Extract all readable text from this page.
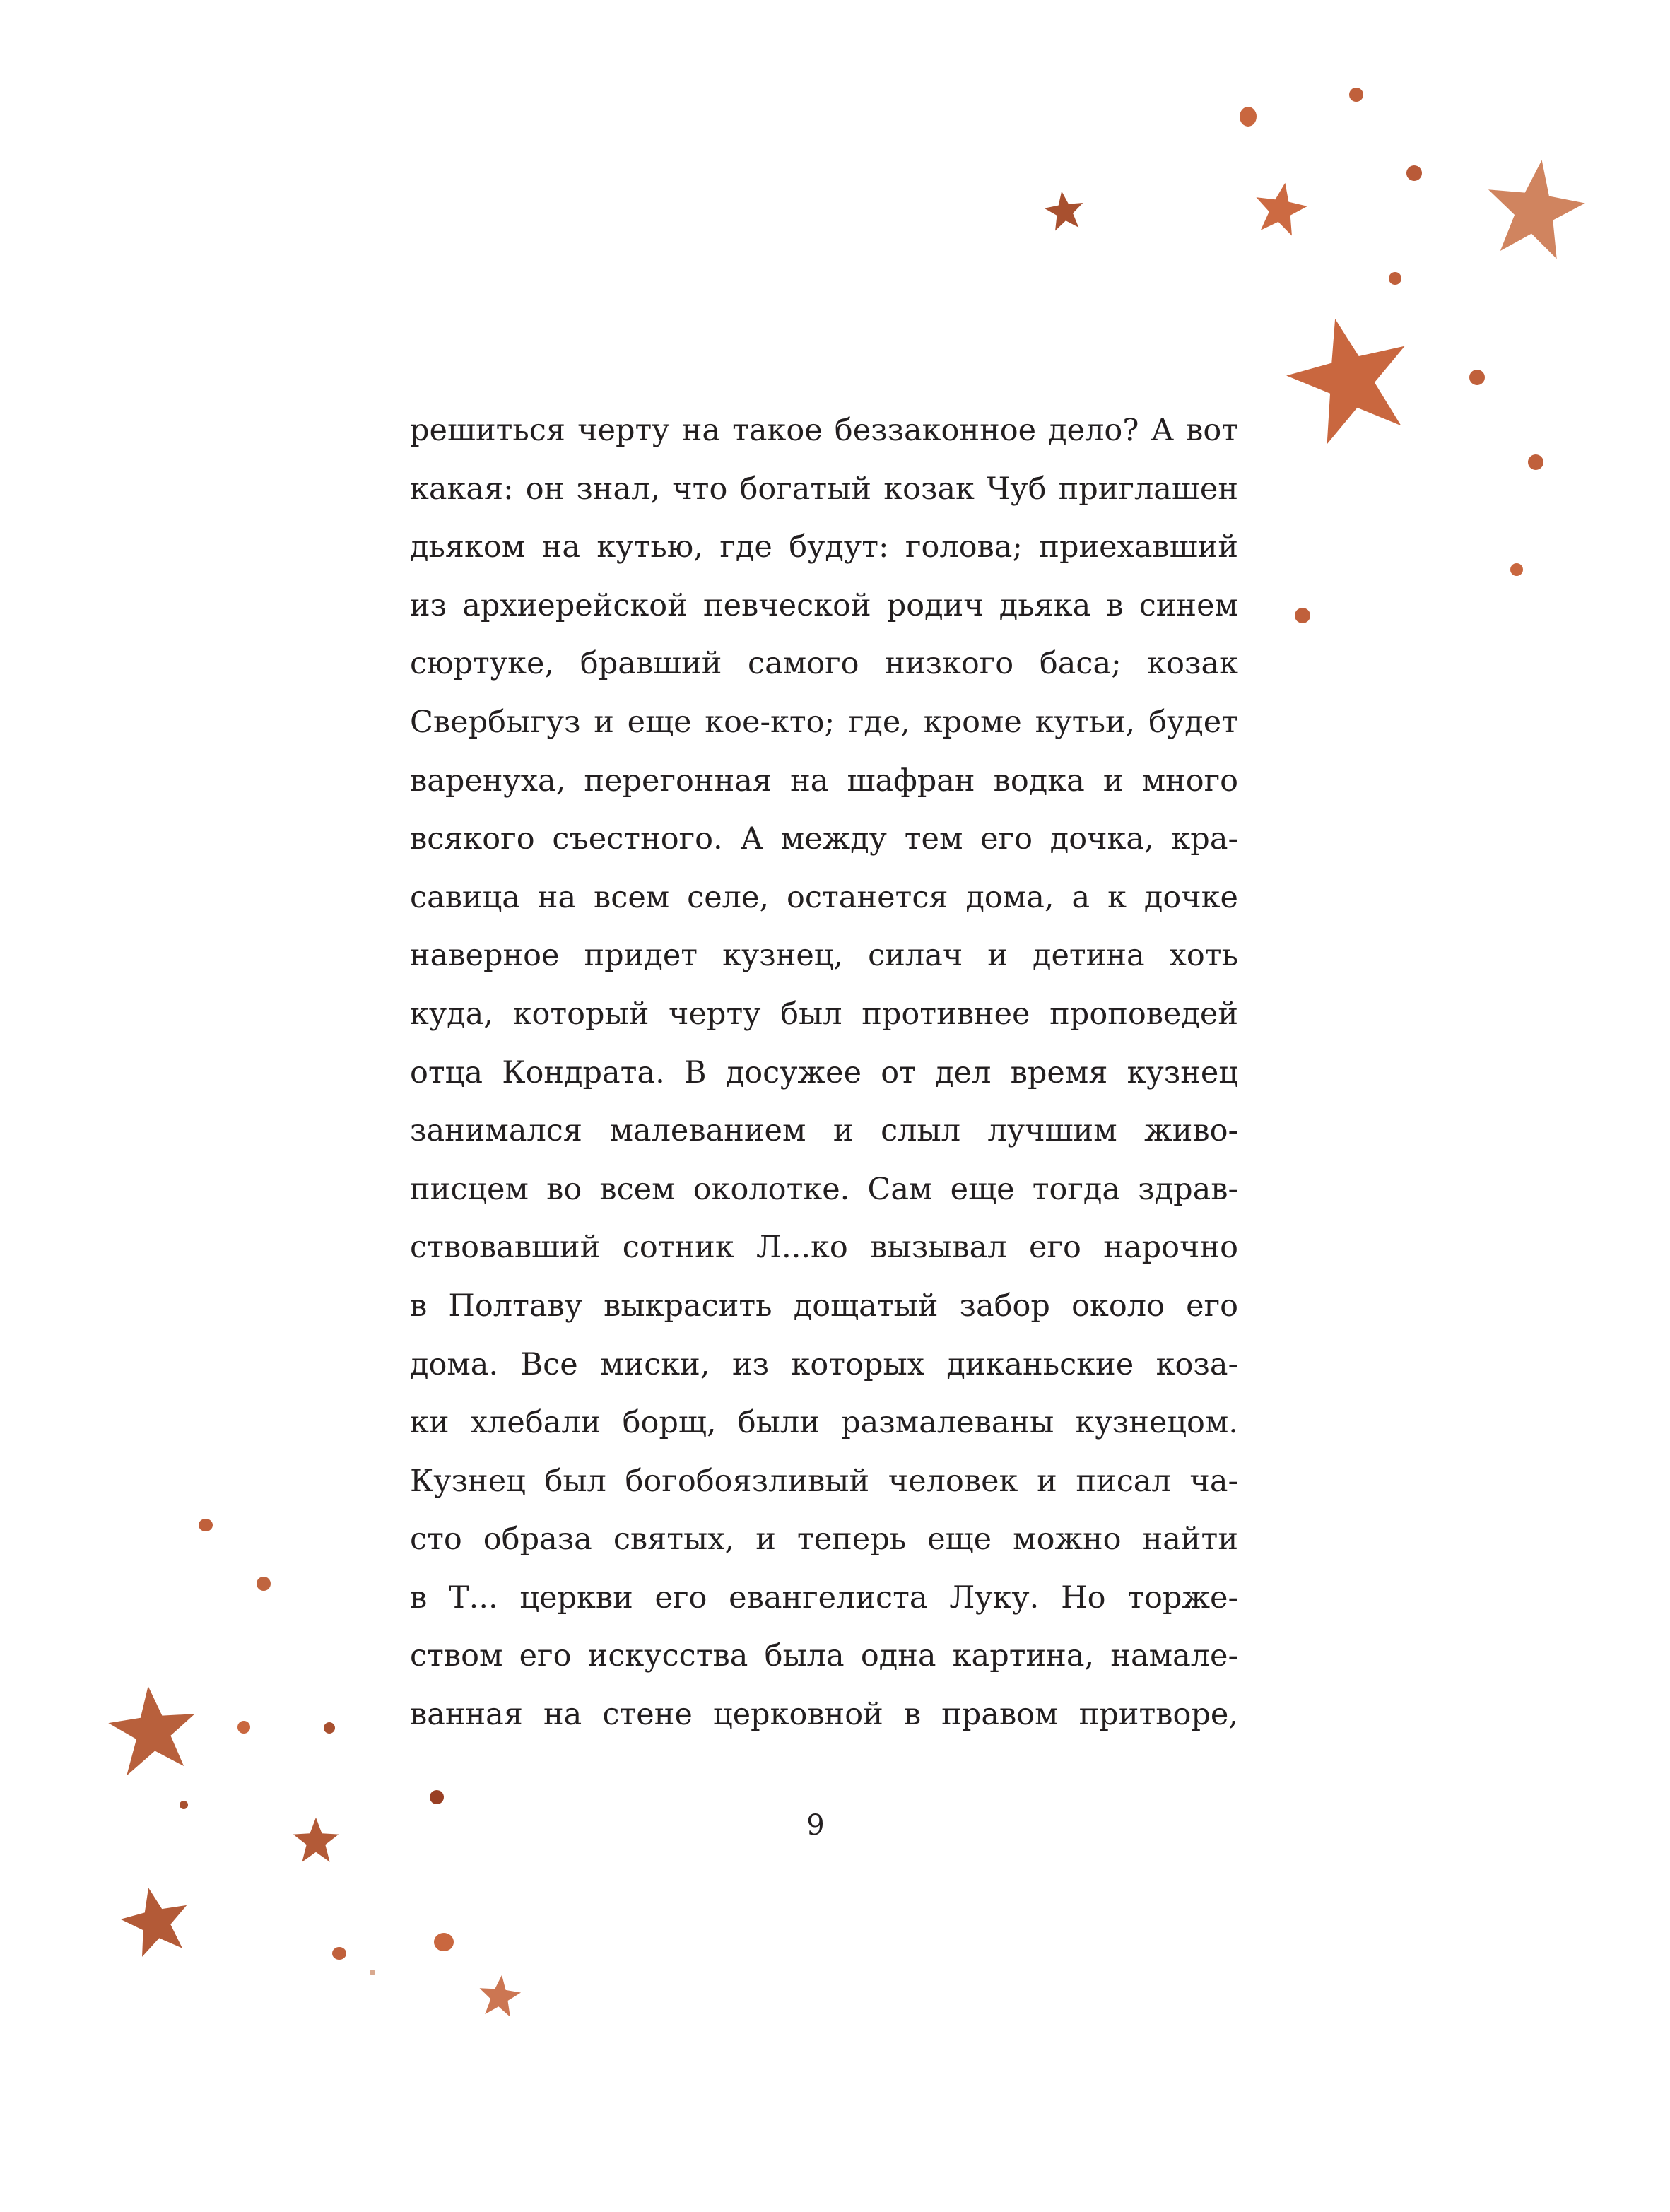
решиться черту на такое беззаконное дело? А вот
какая: он знал, что богатый козак Чуб приглашен
дьяком на кутью, где будут: голова; приехавший
из архиерейской певческой родич дьяка в синем
сюртуке, бравший самого низкого баса; козак
Свербыгуз и еще кое-кто; где, кроме кутьи, будет
варенуха, перегонная на шафран водка и много
всякого съестного. А между тем его дочка, кра-
савица на всем селе, останется дома, а к дочке
наверное придет кузнец, силач и детина хоть
куда, который черту был противнее проповедей
отца Кондрата. В досужее от дел время кузнец
занимался малеванием и слыл лучшим живо-
писцем во всем околотке. Сам еще тогда здрав-
ствовавший сотник Л...ко вызывал его нарочно
в Полтаву выкрасить дощатый забор около его
дома. Все миски, из которых диканьские коза-
ки хлебали борщ, были размалеваны кузнецом.
Кузнец был богобоязливый человек и писал ча-
сто образа святых, и теперь еще можно найти
в Т... церкви его евангелиста Луку. Но торже-
ством его искусства была одна картина, намале-
ванная на стене церковной в правом притворе,
9
